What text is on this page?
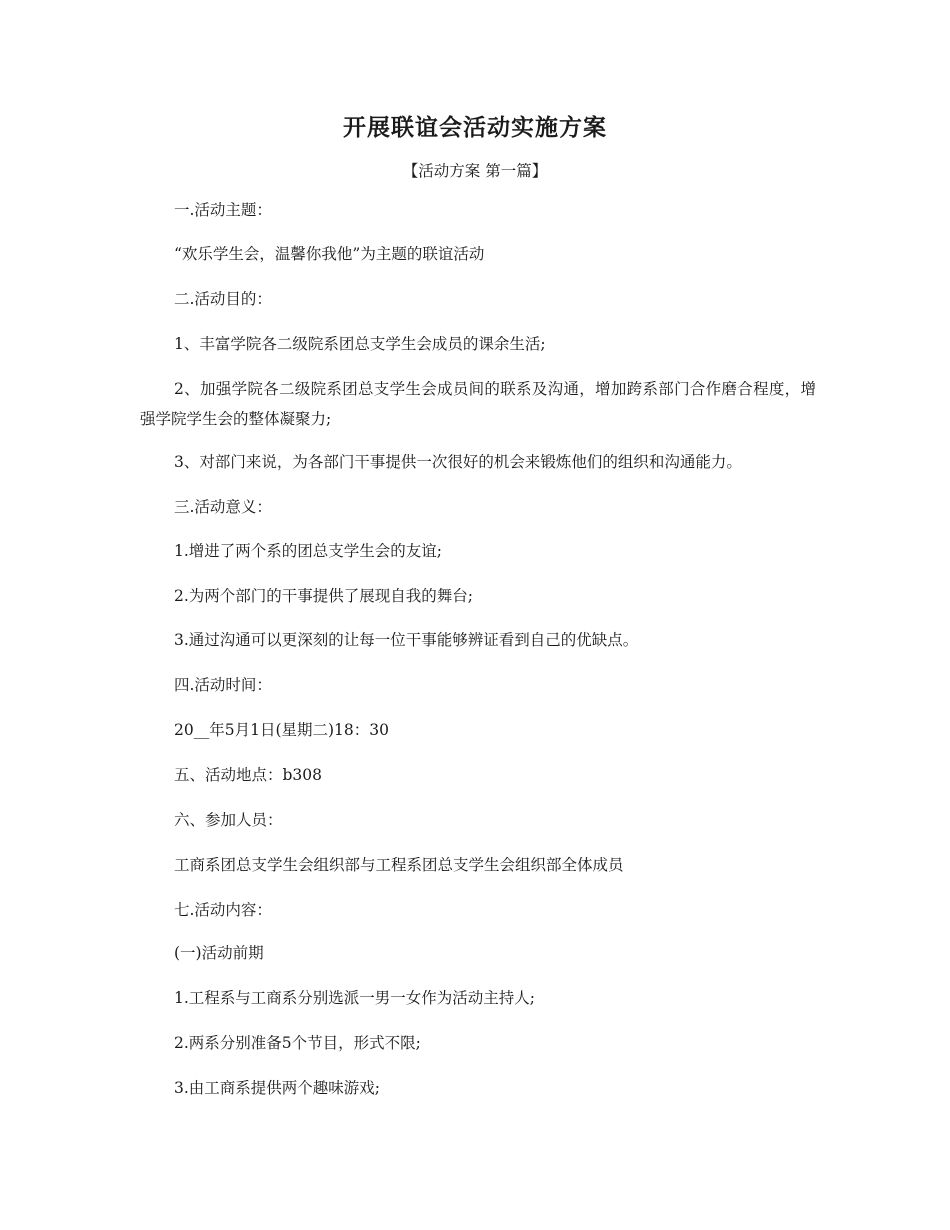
开展联谊会活动实施方案
【活动方案 第一篇】
一.活动主题：
“欢乐学生会，温馨你我他”为主题的联谊活动
二.活动目的：
1、丰富学院各二级院系团总支学生会成员的课余生活;
2、加强学院各二级院系团总支学生会成员间的联系及沟通，增加跨系部门合作磨合程度，增强学院学生会的整体凝聚力;
3、对部门来说，为各部门干事提供一次很好的机会来锻炼他们的组织和沟通能力。
三.活动意义：
1.增进了两个系的团总支学生会的友谊;
2.为两个部门的干事提供了展现自我的舞台;
3.通过沟通可以更深刻的让每一位干事能够辨证看到自己的优缺点。
四.活动时间：
20__年5月1日(星期二)18：30
五、活动地点：b308
六、参加人员：
工商系团总支学生会组织部与工程系团总支学生会组织部全体成员
七.活动内容：
(一)活动前期
1.工程系与工商系分别选派一男一女作为活动主持人;
2.两系分别准备5个节目，形式不限;
3.由工商系提供两个趣味游戏;
